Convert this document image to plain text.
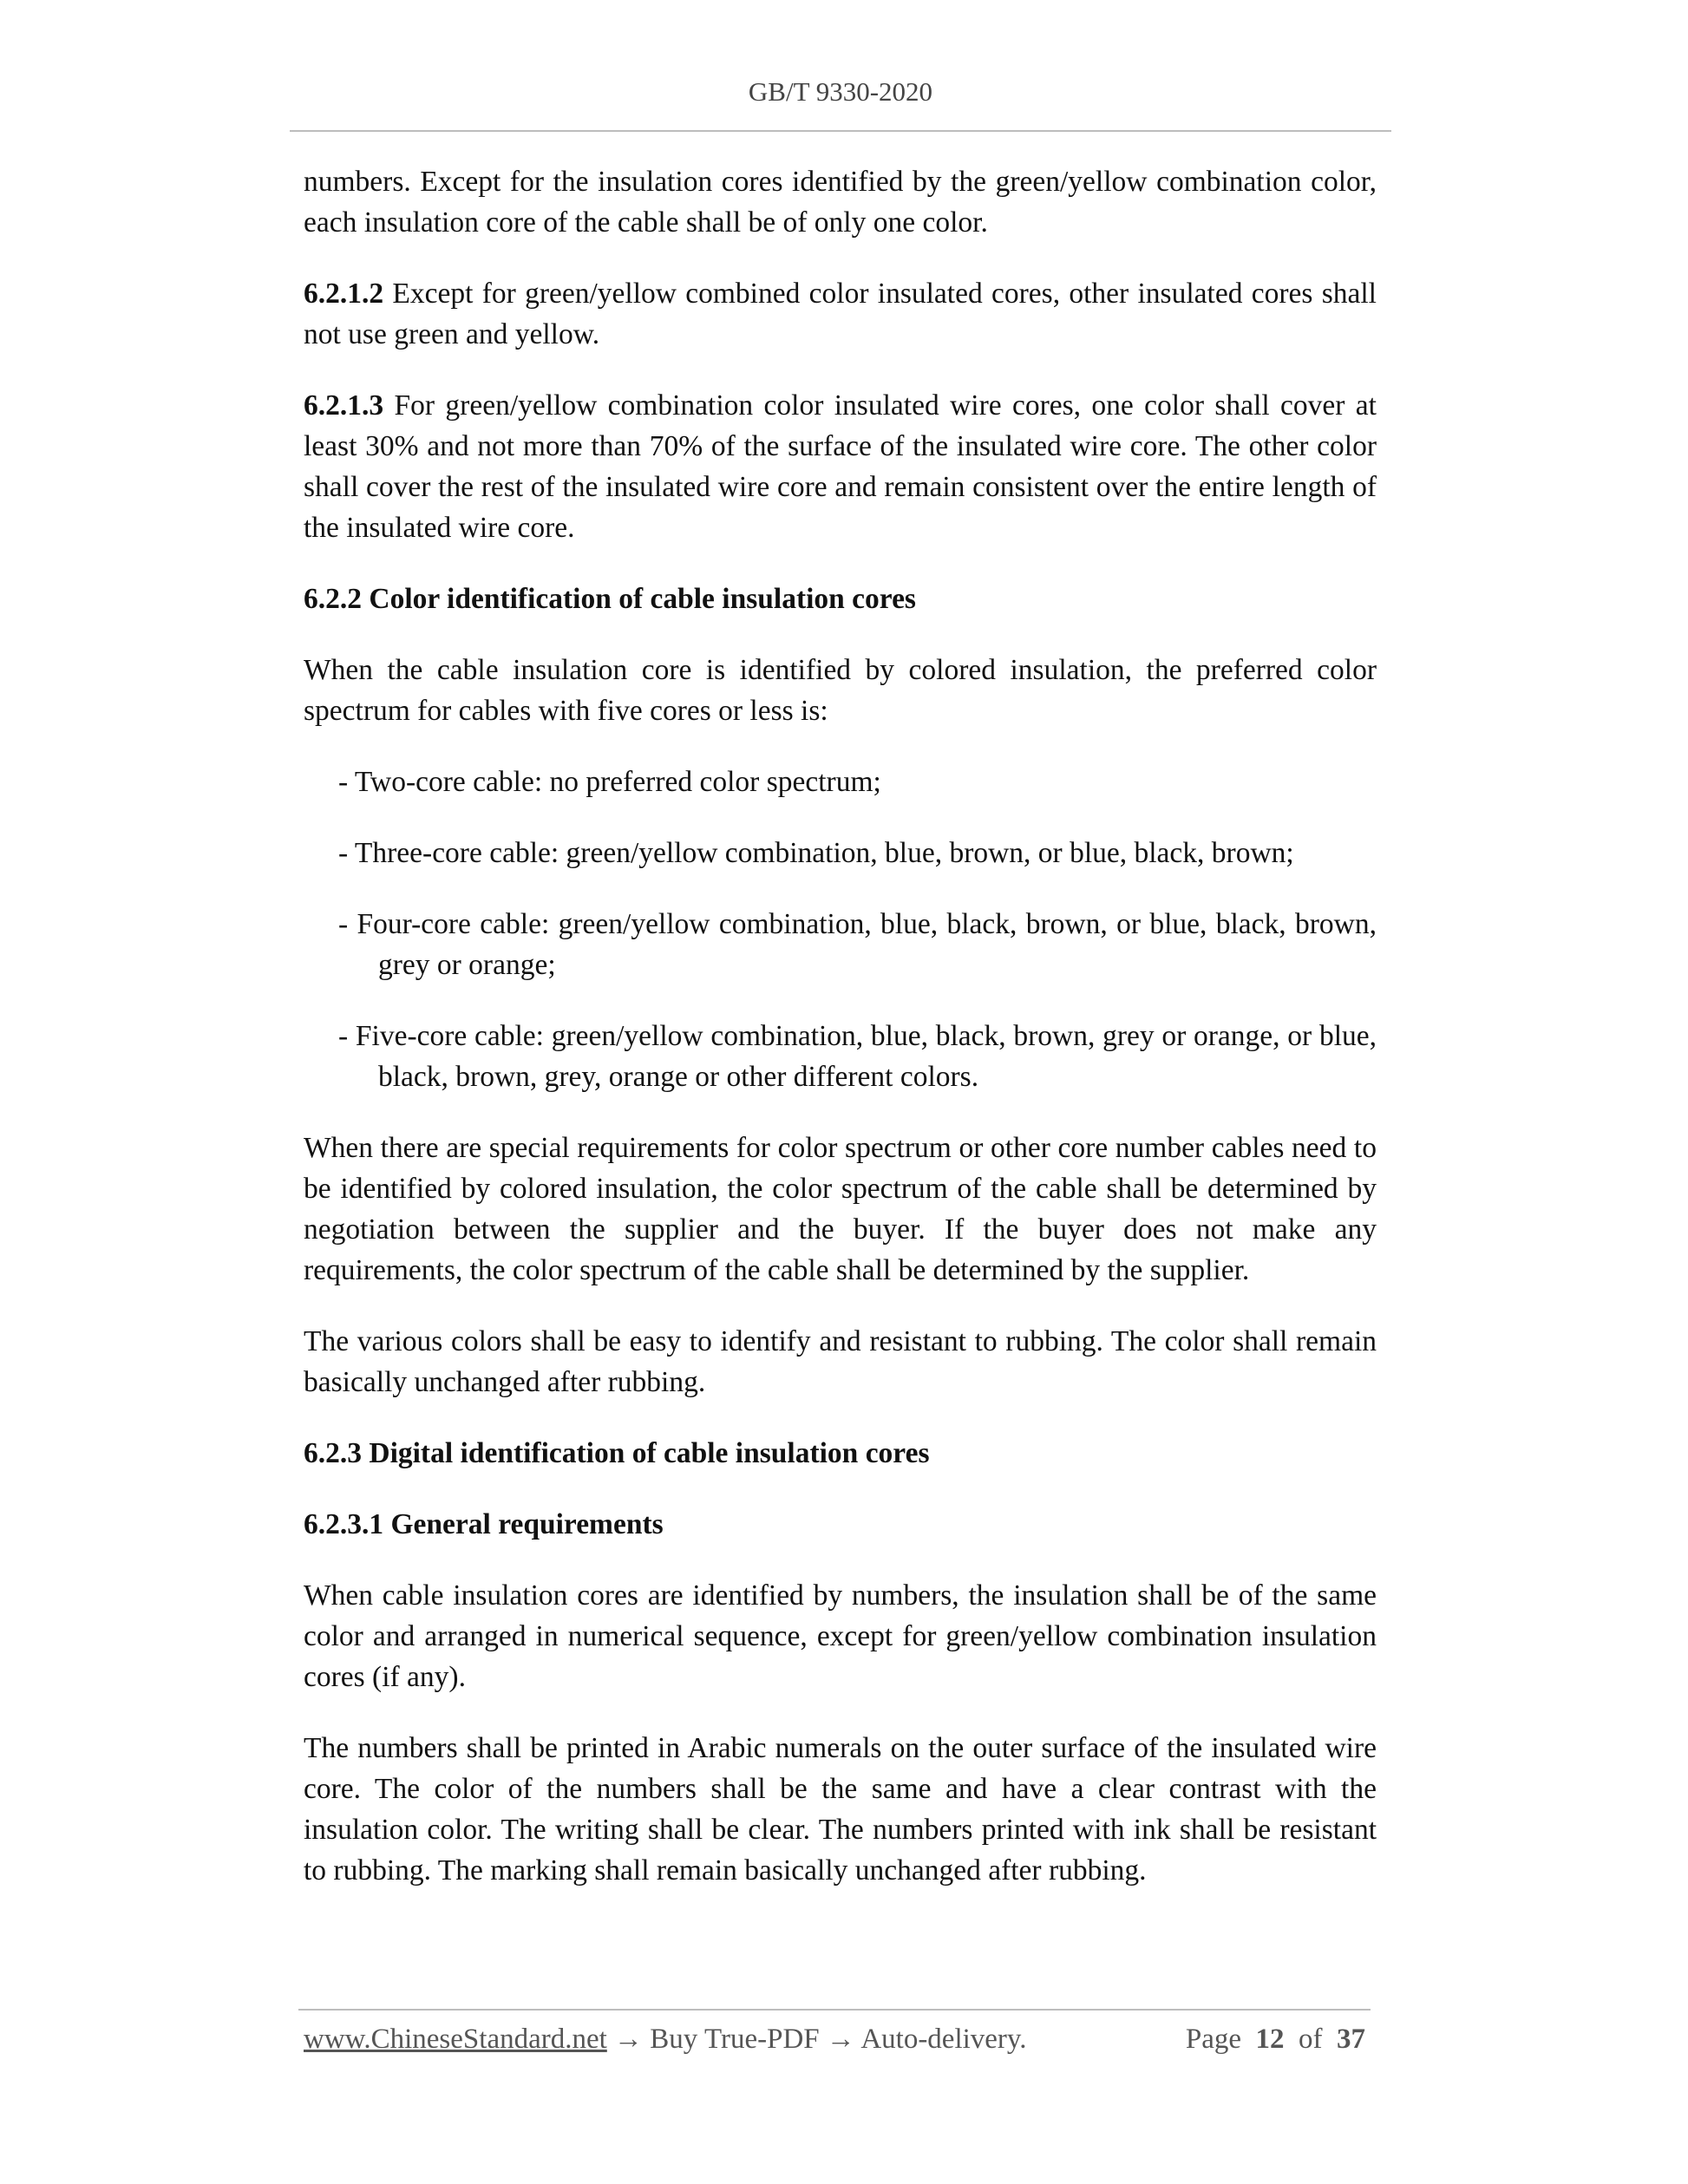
GB/T 9330-2020

numbers. Except for the insulation cores identified by the green/yellow combination color, each insulation core of the cable shall be of only one color.

6.2.1.2 Except for green/yellow combined color insulated cores, other insulated cores shall not use green and yellow.

6.2.1.3 For green/yellow combination color insulated wire cores, one color shall cover at least 30% and not more than 70% of the surface of the insulated wire core. The other color shall cover the rest of the insulated wire core and remain consistent over the entire length of the insulated wire core.

6.2.2 Color identification of cable insulation cores

When the cable insulation core is identified by colored insulation, the preferred color spectrum for cables with five cores or less is:

- Two-core cable: no preferred color spectrum;

- Three-core cable: green/yellow combination, blue, brown, or blue, black, brown;

- Four-core cable: green/yellow combination, blue, black, brown, or blue, black, brown, grey or orange;

- Five-core cable: green/yellow combination, blue, black, brown, grey or orange, or blue, black, brown, grey, orange or other different colors.

When there are special requirements for color spectrum or other core number cables need to be identified by colored insulation, the color spectrum of the cable shall be determined by negotiation between the supplier and the buyer. If the buyer does not make any requirements, the color spectrum of the cable shall be determined by the supplier.

The various colors shall be easy to identify and resistant to rubbing. The color shall remain basically unchanged after rubbing.

6.2.3 Digital identification of cable insulation cores

6.2.3.1 General requirements

When cable insulation cores are identified by numbers, the insulation shall be of the same color and arranged in numerical sequence, except for green/yellow combination insulation cores (if any).

The numbers shall be printed in Arabic numerals on the outer surface of the insulated wire core. The color of the numbers shall be the same and have a clear contrast with the insulation color. The writing shall be clear. The numbers printed with ink shall be resistant to rubbing. The marking shall remain basically unchanged after rubbing.

www.ChineseStandard.net → Buy True-PDF → Auto-delivery.	Page 12 of 37
